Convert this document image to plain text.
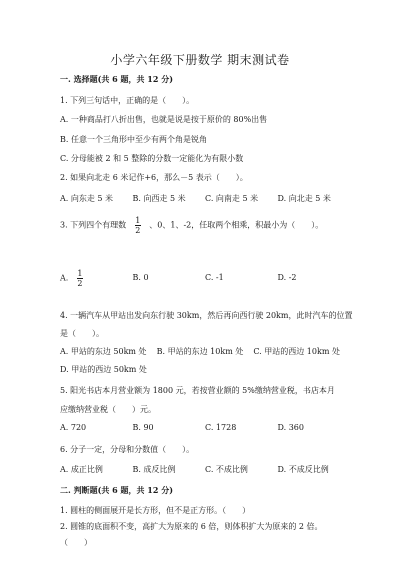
小学六年级下册数学 期末测试卷
一. 选择题(共 6 题，共 12 分)
1. 下列三句话中，正确的是（　　）。
A. 一种商品打八折出售，也就是说是按于原价的 80%出售
B. 任意一个三角形中至少有两个角是锐角
C. 分母能被 2 和 5 整除的分数一定能化为有限小数
2. 如果向北走 6 米记作+6，那么－5 表示（　　）。
A. 向东走 5 米	B. 向西走 5 米	C. 向南走 5 米	D. 向北走 5 米
3. 下列四个有理数 $\frac{1}{2}$ 、0、1、-2，任取两个相乘，积最小为（　　）。
A. $\frac{1}{2}$	B. 0	C. -1	D. -2
4. 一辆汽车从甲站出发向东行驶 30km，然后再向西行驶 20km，此时汽车的位置
是（　　）。
A. 甲站的东边 50km 处	B. 甲站的东边 10km 处	C. 甲站的西边 10km 处
D. 甲站的西边 50km 处
5. 阳光书店本月营业额为 1800 元，若按营业额的 5%缴纳营业税，书店本月
应缴纳营业税（　　）元。
A. 720	B. 90	C. 1728	D. 360
6. 分子一定，分母和分数值（　　）。
A. 成正比例	B. 成反比例	C. 不成比例	D. 不成反比例
二. 判断题(共 6 题，共 12 分)
1. 圆柱的侧面展开是长方形，但不是正方形。（　　）
2. 圆锥的底面积不变，高扩大为原来的 6 倍，则体积扩大为原来的 2 倍。
（　　）
